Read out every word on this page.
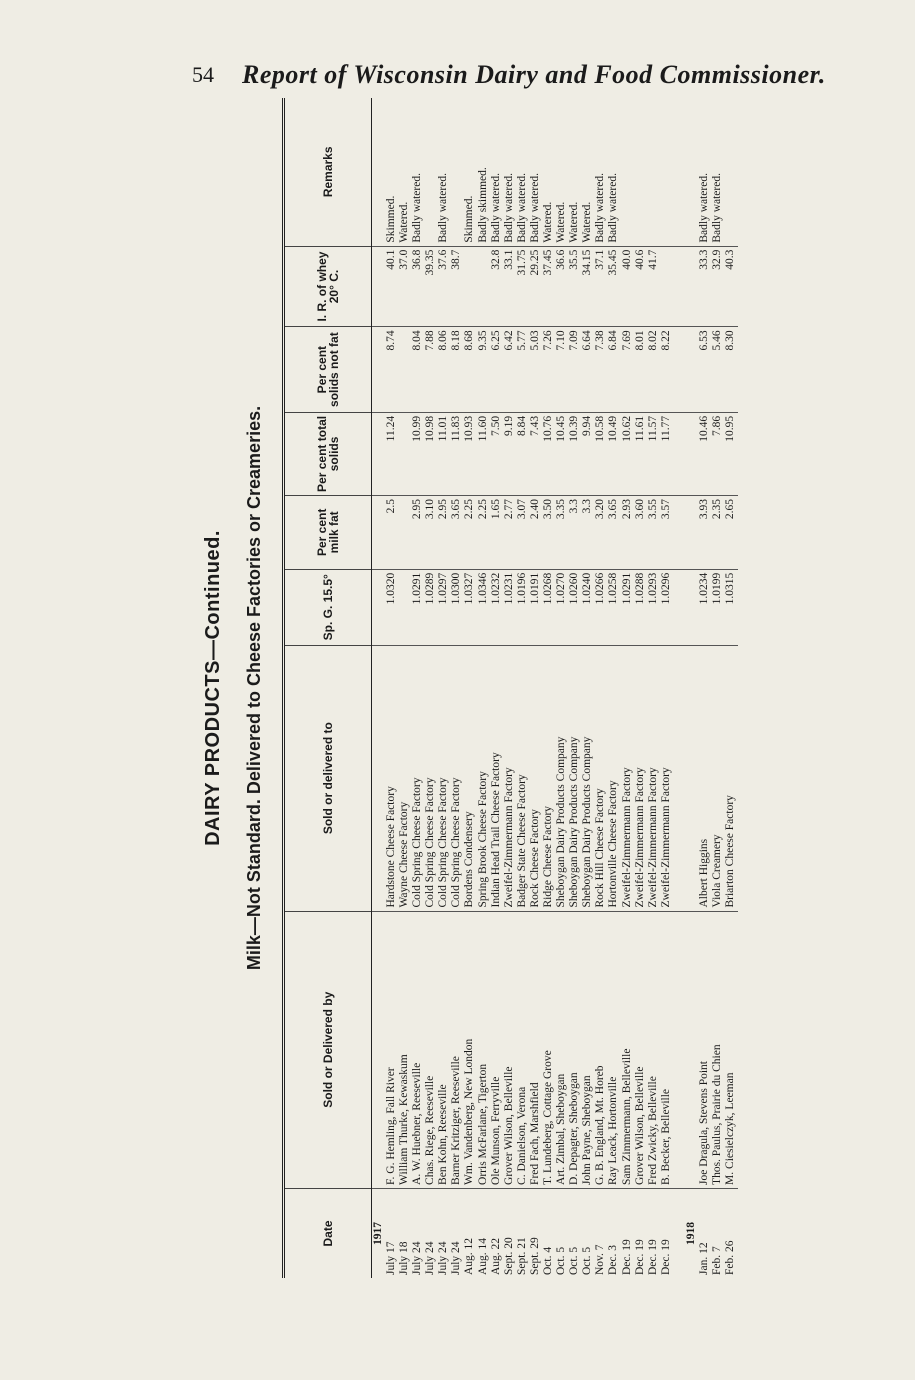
54 Report of Wisconsin Dairy and Food Commissioner.
DAIRY PRODUCTS—Continued. Milk—Not Standard. Delivered to Cheese Factories or Creameries.
Date	Sold or Delivered by	Sold or delivered to	Sp. G. 15.5°	Per cent milk fat	Per cent total solids	Per cent solids not fat	I. R. of whey 20° C.	Remarks
1917								
July 17	F. G. Hemling, Fall River	Hardstone Cheese Factory	1.0320	2.5	11.24	8.74	40.1	Skimmed.
July 18	William Thurke, Kewaskum	Wayne Cheese Factory					37.0	Watered.
July 24	A. W. Huebner, Reeseville	Cold Spring Cheese Factory	1.0291	2.95	10.99	8.04	36.8	Badly watered.
July 24	Chas. Riege, Reeseville	Cold Spring Cheese Factory	1.0289	3.10	10.98	7.88	39.35	
July 24	Ben Kohn, Reeseville	Cold Spring Cheese Factory	1.0297	2.95	11.01	8.06	37.6	Badly watered.
July 24	Barner Kritziger, Reeseville	Cold Spring Cheese Factory	1.0300	3.65	11.83	8.18	38.7	
Aug. 12	Wm. Vandenberg, New London	Bordens Condensery	1.0327	2.25	10.93	8.68		Skimmed.
Aug. 14	Orris McFarlane, Tigerton	Spring Brook Cheese Factory	1.0346	2.25	11.60	9.35		Badly skimmed.
Aug. 22	Ole Munson, Ferryville	Indian Head Trail Cheese Factory	1.0232	1.65	7.50	6.25	32.8	Badly watered.
Sept. 20	Grover Wilson, Belleville	Zweifel-Zimmermann Factory	1.0231	2.77	9.19	6.42	33.1	Badly watered.
Sept. 21	C. Danielson, Verona	Badger State Cheese Factory	1.0196	3.07	8.84	5.77	31.75	Badly watered.
Sept. 29	Fred Fach, Marshfield	Rock Cheese Factory	1.0191	2.40	7.43	5.03	29.25	Badly watered.
Oct. 4	T. Lundeberg, Cottage Grove	Ridge Cheese Factory	1.0268	3.50	10.76	7.26	37.45	Watered.
Oct. 5	Art. Zimbal, Sheboygan	Sheboygan Dairy Products Company	1.0270	3.35	10.45	7.10	36.6	Watered.
Oct. 5	D. Depagter, Sheboygan	Sheboygan Dairy Products Company	1.0260	3.3	10.39	7.09	35.5	Watered.
Oct. 5	John Payne, Sheboygan	Sheboygan Dairy Products Company	1.0240	3.3	9.94	6.64	34.15	Watered.
Nov. 7	G. B. England, Mt. Horeb	Rock Hill Cheese Factory	1.0266	3.20	10.58	7.38	37.1	Badly watered.
Dec. 3	Ray Leack, Hortonville	Hortonville Cheese Factory	1.0258	3.65	10.49	6.84	35.45	Badly watered.
Dec. 19	Sam Zimmermann, Belleville	Zweifel-Zimmermann Factory	1.0291	2.93	10.62	7.69	40.0	
Dec. 19	Grover Wilson, Belleville	Zweifel-Zimmermann Factory	1.0288	3.60	11.61	8.01	40.6	
Dec. 19	Fred Zwicky, Belleville	Zweifel-Zimmermann Factory	1.0293	3.55	11.57	8.02	41.7	
Dec. 19	B. Becker, Belleville	Zweifel-Zimmermann Factory	1.0296	3.57	11.77	8.22		

1918								
Jan. 12	Joe Dragula, Stevens Point	Albert Higgins	1.0234	3.93	10.46	6.53	33.3	Badly watered.
Feb. 7	Thos. Paulus, Prairie du Chien	Viola Creamery	1.0199	2.35	7.86	5.46	32.9	Badly watered.
Feb. 26	M. Ciesielczyk, Leeman	Briarton Cheese Factory	1.0315	2.65	10.95	8.30	40.3	
